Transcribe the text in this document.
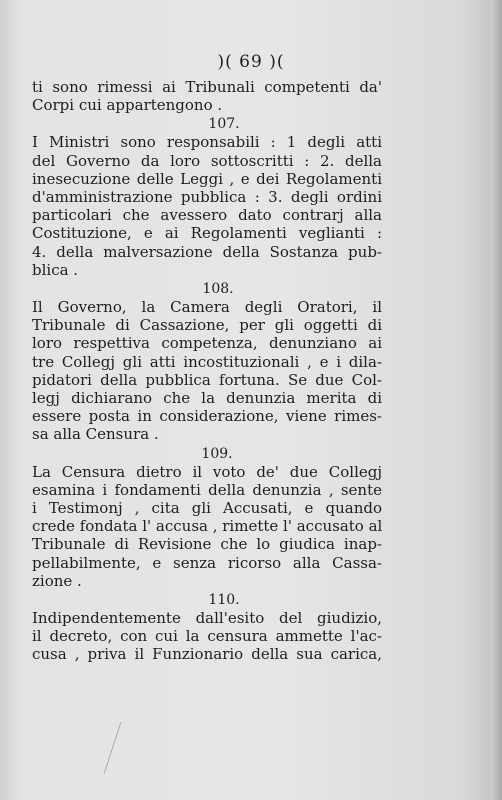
)( 69 )(
ti sono rimessi ai Tribunali competenti da'
Corpi cui appartengono .
107.
I Ministri sono responsabili : 1 degli atti
del Governo da loro sottoscritti : 2. della
inesecuzione delle Leggi , e dei Regolamenti
d'amministrazione pubblica : 3. degli ordini
particolari che avessero dato contrarj alla
Costituzione, e ai Regolamenti veglianti :
4. della malversazione della Sostanza pub-
blica .
108.
Il Governo, la Camera degli Oratori, il
Tribunale di Cassazione, per gli oggetti di
loro respettiva competenza, denunziano ai
tre Collegj gli atti incostituzionali , e i dila-
pidatori della pubblica fortuna. Se due Col-
legj dichiarano che la denunzia merita di
essere posta in considerazione, viene rimes-
sa alla Censura .
109.
La Censura dietro il voto de' due Collegj
esamina i fondamenti della denunzia , sente
i Testimonj , cita gli Accusati, e quando
crede fondata l' accusa , rimette l' accusato al
Tribunale di Revisione che lo giudica inap-
pellabilmente, e senza ricorso alla Cassa-
zione .
110.
Indipendentemente dall'esito del giudizio,
il decreto, con cui la censura ammette l'ac-
cusa , priva il Funzionario della sua carica,
